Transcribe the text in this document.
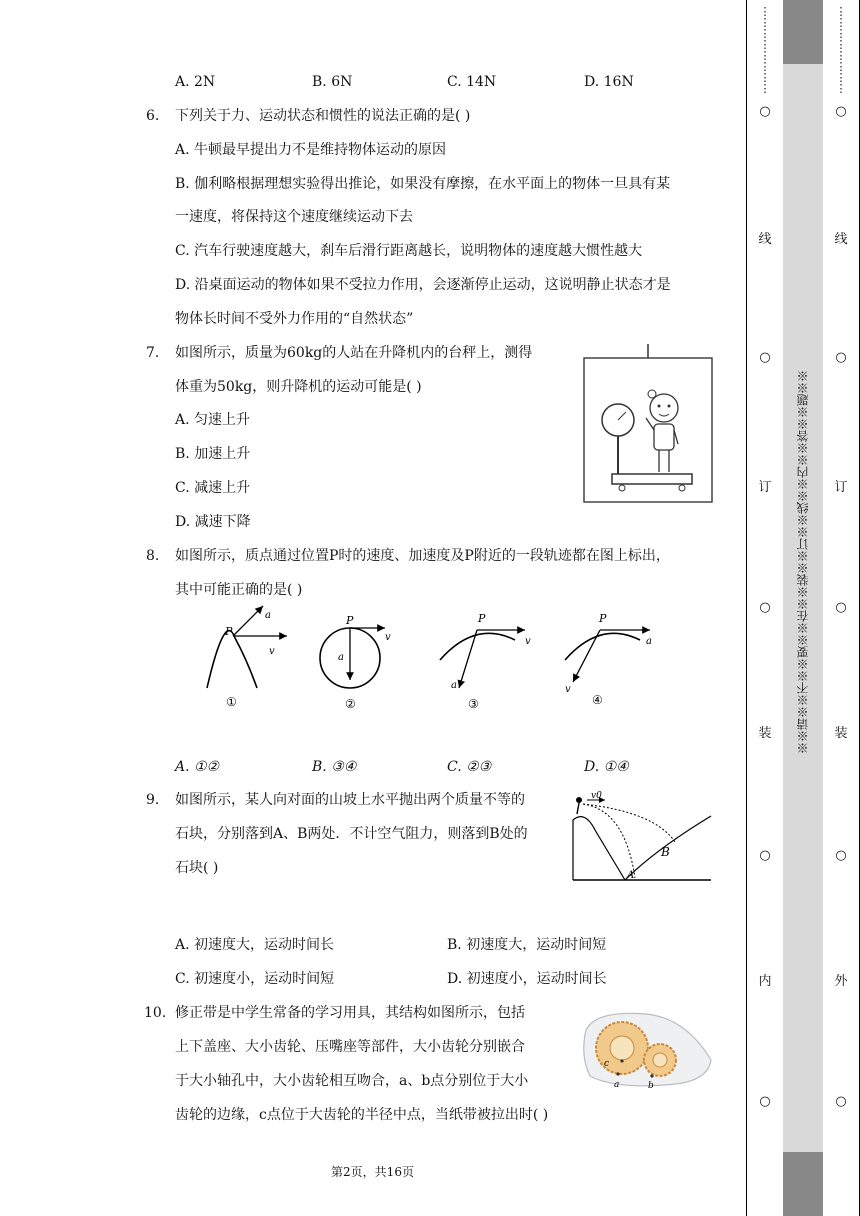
A. 2N	B. 6N	C. 14N	D. 16N
6. 下列关于力、运动状态和惯性的说法正确的是( )
A. 牛顿最早提出力不是维持物体运动的原因
B. 伽利略根据理想实验得出推论，如果没有摩擦，在水平面上的物体一旦具有某
一速度，将保持这个速度继续运动下去
C. 汽车行驶速度越大，刹车后滑行距离越长，说明物体的速度越大惯性越大
D. 沿桌面运动的物体如果不受拉力作用，会逐渐停止运动，这说明静止状态才是
物体长时间不受外力作用的“自然状态”
7. 如图所示，质量为60kg的人站在升降机内的台秤上，测得
体重为50kg，则升降机的运动可能是( )
A. 匀速上升
B. 加速上升
C. 减速上升
D. 减速下降
8. 如图所示，质点通过位置P时的速度、加速度及P附近的一段轨迹都在图上标出，
其中可能正确的是( )
P
a
v
①
P
v
a
②
P
v
a
③
P
a
v
④
A. ①②	B. ③④	C. ②③	D. ①④
9. 如图所示，某人向对面的山坡上水平抛出两个质量不等的
石块，分别落到A、B两处．不计空气阻力，则落到B处的
石块( )
v0
A
B
A. 初速度大，运动时间长	B. 初速度大，运动时间短
C. 初速度小，运动时间短	D. 初速度小，运动时间长
10. 修正带是中学生常备的学习用具，其结构如图所示，包括
上下盖座、大小齿轮、压嘴座等部件，大小齿轮分别嵌合
于大小轴孔中，大小齿轮相互吻合，a、b点分别位于大小
齿轮的边缘，c点位于大齿轮的半径中点，当纸带被拉出时( )
c
a	b
第2页，共16页
⋮
⋮
⋮
⋮
⋮
⋮
⋮
⋮
○
线
○
订
○
装
○
内
○
※※请※※不※※要※※在※※装※※订※※线※※内※※答※※题※※
⋮
⋮
⋮
⋮
⋮
⋮
⋮
⋮
○
线
○
订
○
装
○
外
○
